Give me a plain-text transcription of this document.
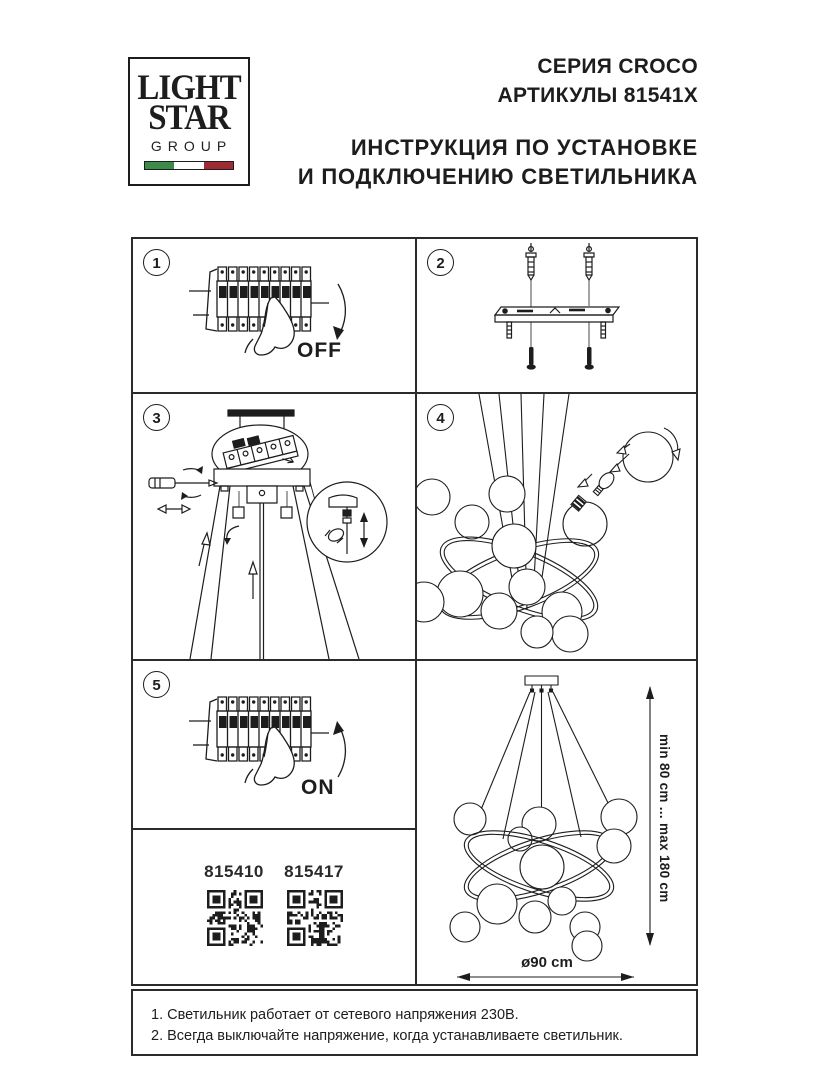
LIGHT
STAR
GROUP
СЕРИЯ CROCO
АРТИКУЛЫ 81541X
ИНСТРУКЦИЯ ПО УСТАНОВКЕ
И ПОДКЛЮЧЕНИЮ СВЕТИЛЬНИКА
1
OFF
2
3	4
5
ON
815410	815417	min 80 cm ... max 180 cm
ø90 cm
1. Светильник работает от сетевого напряжения 230В.
2. Всегда выключайте напряжение, когда устанавливаете светильник.
